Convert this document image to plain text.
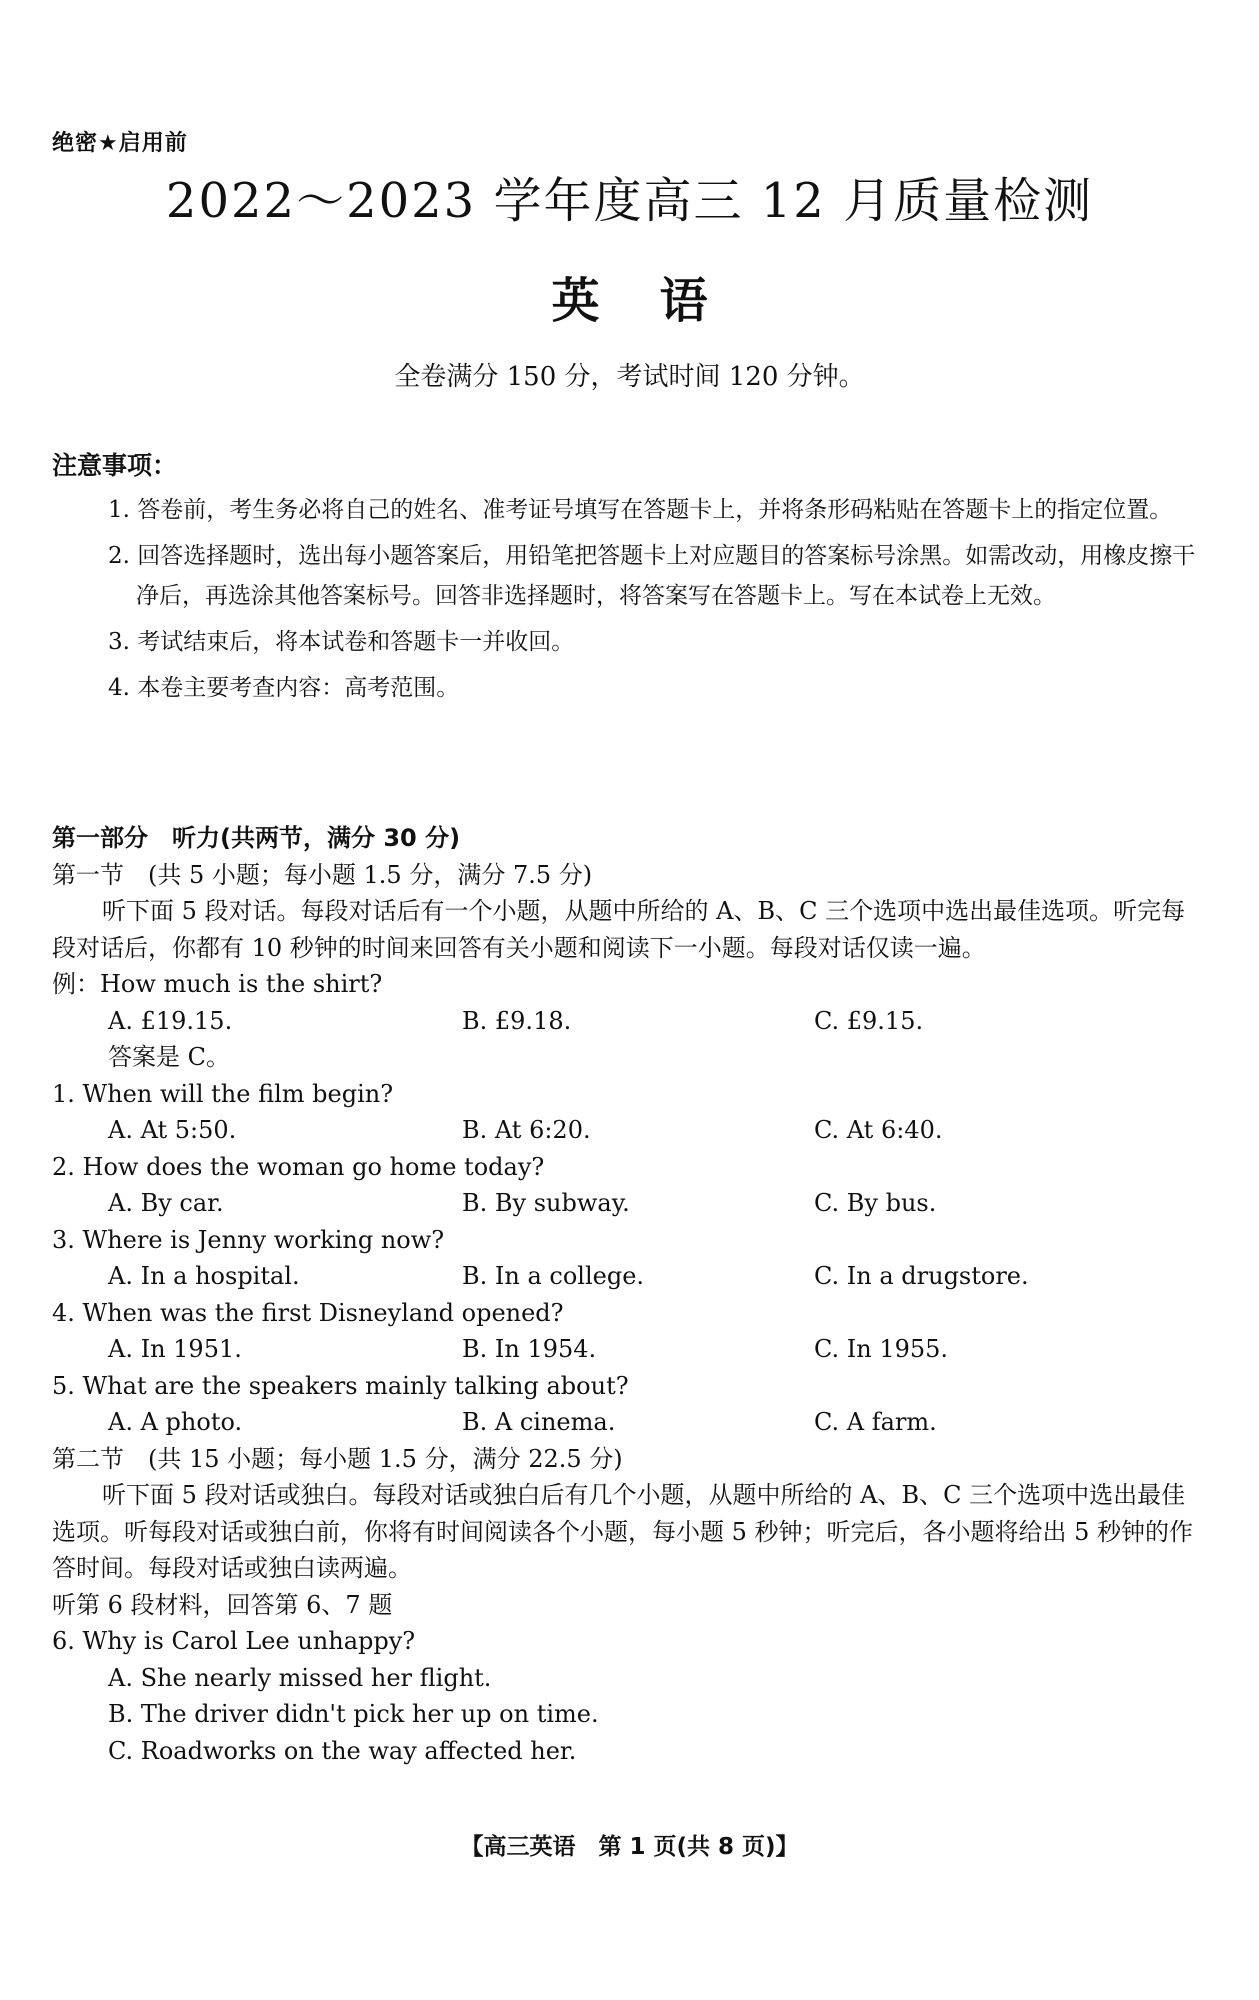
绝密★启用前
2022～2023 学年度高三 12 月质量检测
英语
全卷满分 150 分，考试时间 120 分钟。
注意事项：
1. 答卷前，考生务必将自己的姓名、准考证号填写在答题卡上，并将条形码粘贴在答题卡上的指定位置。
2. 回答选择题时，选出每小题答案后，用铅笔把答题卡上对应题目的答案标号涂黑。如需改动，用橡皮擦干净后，再选涂其他答案标号。回答非选择题时，将答案写在答题卡上。写在本试卷上无效。
3. 考试结束后，将本试卷和答题卡一并收回。
4. 本卷主要考查内容：高考范围。
第一部分　听力(共两节，满分 30 分)
第一节　(共 5 小题；每小题 1.5 分，满分 7.5 分)
听下面 5 段对话。每段对话后有一个小题，从题中所给的 A、B、C 三个选项中选出最佳选项。听完每段对话后，你都有 10 秒钟的时间来回答有关小题和阅读下一小题。每段对话仅读一遍。
例：How much is the shirt?
A. £19.15.	B. £9.18.	C. £9.15.
答案是 C。
1. When will the film begin?
A. At 5:50.	B. At 6:20.	C. At 6:40.
2. How does the woman go home today?
A. By car.	B. By subway.	C. By bus.
3. Where is Jenny working now?
A. In a hospital.	B. In a college.	C. In a drugstore.
4. When was the first Disneyland opened?
A. In 1951.	B. In 1954.	C. In 1955.
5. What are the speakers mainly talking about?
A. A photo.	B. A cinema.	C. A farm.
第二节　(共 15 小题；每小题 1.5 分，满分 22.5 分)
听下面 5 段对话或独白。每段对话或独白后有几个小题，从题中所给的 A、B、C 三个选项中选出最佳选项。听每段对话或独白前，你将有时间阅读各个小题，每小题 5 秒钟；听完后，各小题将给出 5 秒钟的作答时间。每段对话或独白读两遍。
听第 6 段材料，回答第 6、7 题
6. Why is Carol Lee unhappy?
A. She nearly missed her flight.
B. The driver didn't pick her up on time.
C. Roadworks on the way affected her.
【高三英语　第 1 页(共 8 页)】
